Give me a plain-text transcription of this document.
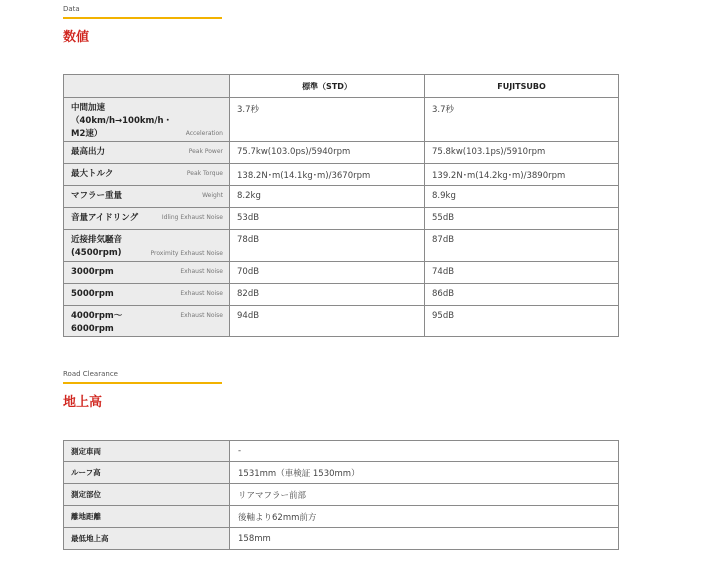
Data
数値
	標準（STD）	FUJITSUBO

中間加速（40km/h→100km/h・M2速） Acceleration	3.7秒	3.7秒

最高出力 Peak Power	75.7kw(103.0ps)/5940rpm	75.8kw(103.1ps)/5910rpm

最大トルク Peak Torque	138.2N･m(14.1kg･m)/3670rpm	139.2N･m(14.2kg･m)/3890rpm

マフラー重量 Weight	8.2kg	8.9kg

音量アイドリング Idling Exhaust Noise	53dB	55dB

近接排気騒音(4500rpm) Proximity Exhaust Noise	78dB	87dB

3000rpm Exhaust Noise	70dB	74dB

5000rpm Exhaust Noise	82dB	86dB

4000rpm～6000rpm
Exhaust Noise	94dB	95dB
Road Clearance
地上高
測定車両	-
ルーフ高	1531mm（車検証 1530mm）
測定部位	リアマフラー前部
離地距離	後軸より62mm前方
最低地上高	158mm
